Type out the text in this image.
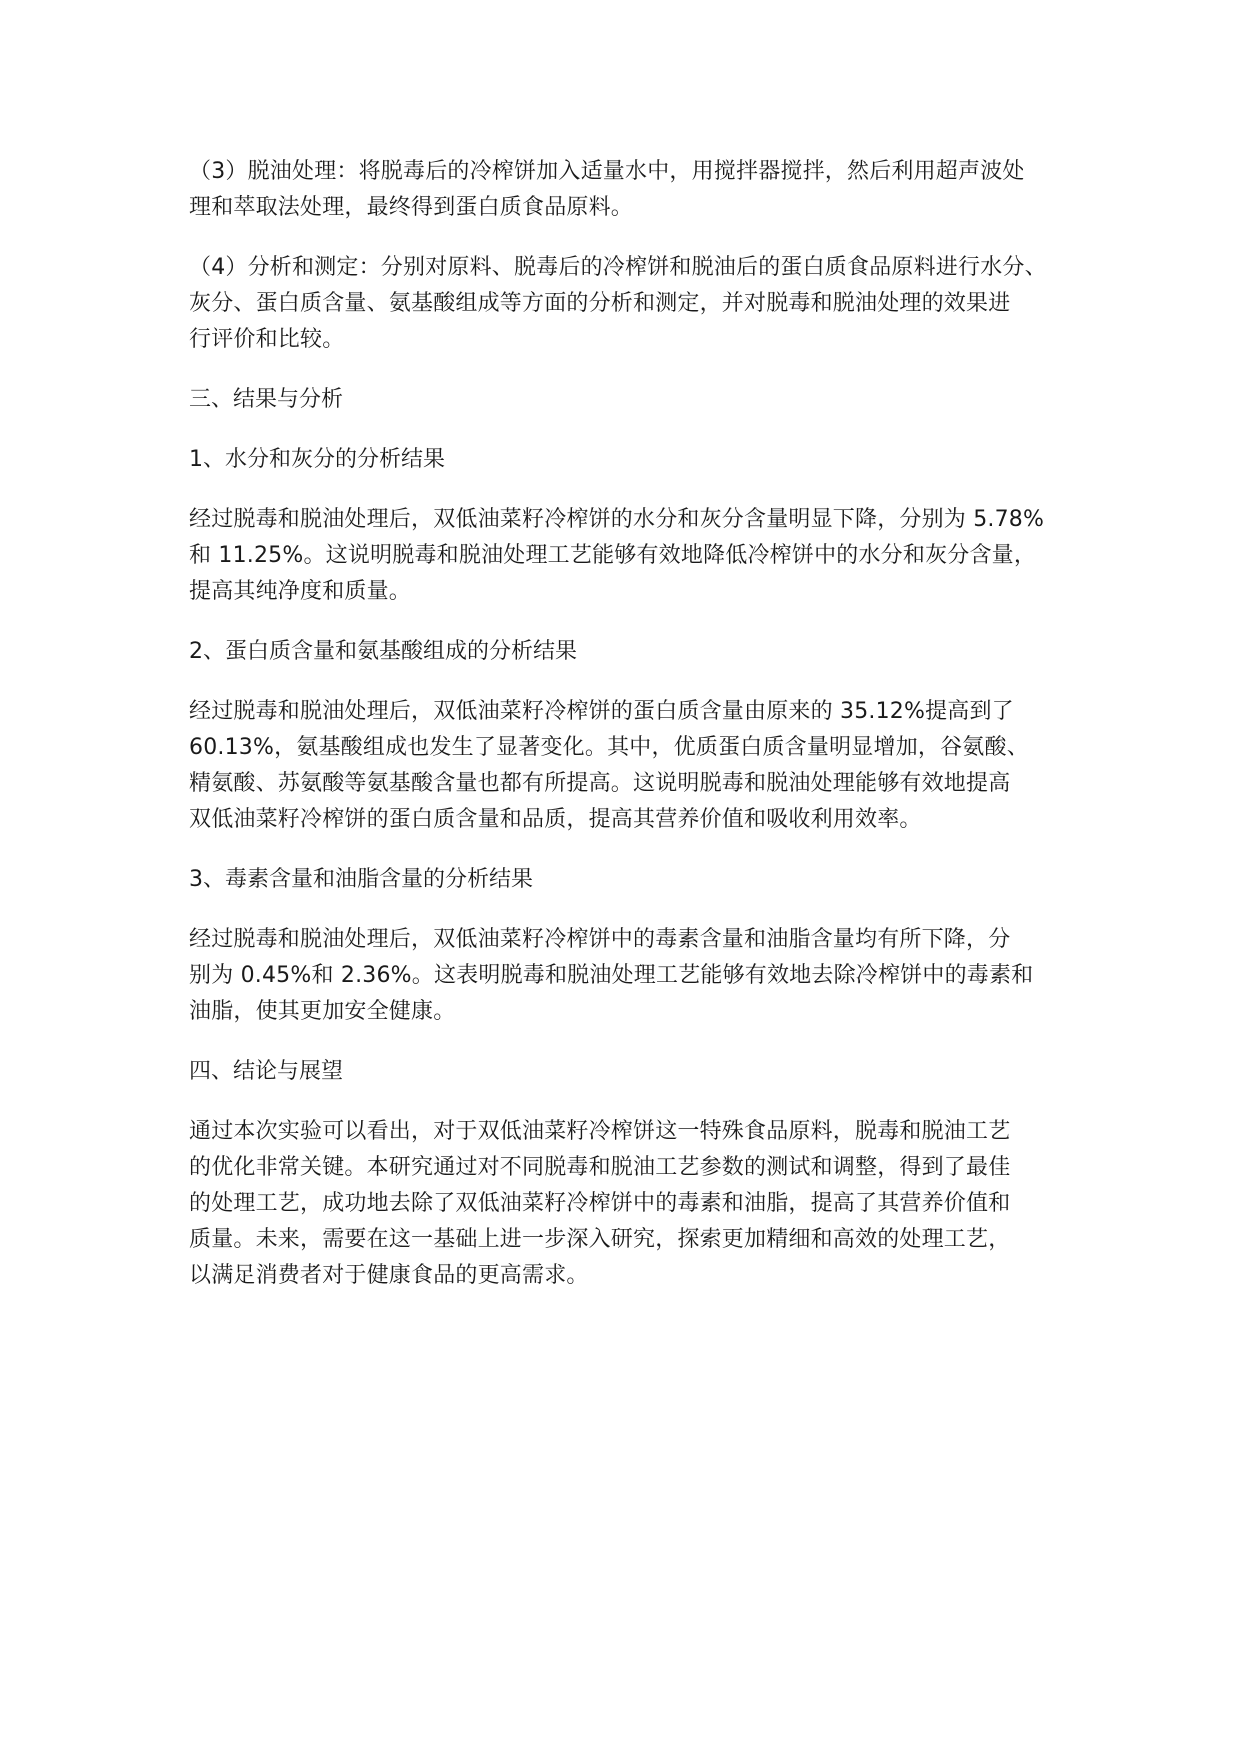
（3）脱油处理：将脱毒后的冷榨饼加入适量水中，用搅拌器搅拌，然后利用超声波处
理和萃取法处理，最终得到蛋白质食品原料。

（4）分析和测定：分别对原料、脱毒后的冷榨饼和脱油后的蛋白质食品原料进行水分、
灰分、蛋白质含量、氨基酸组成等方面的分析和测定，并对脱毒和脱油处理的效果进
行评价和比较。

三、结果与分析
1、水分和灰分的分析结果

经过脱毒和脱油处理后，双低油菜籽冷榨饼的水分和灰分含量明显下降，分别为 5.78%
和 11.25%。这说明脱毒和脱油处理工艺能够有效地降低冷榨饼中的水分和灰分含量，
提高其纯净度和质量。

2、蛋白质含量和氨基酸组成的分析结果

经过脱毒和脱油处理后，双低油菜籽冷榨饼的蛋白质含量由原来的 35.12%提高到了
60.13%，氨基酸组成也发生了显著变化。其中，优质蛋白质含量明显增加，谷氨酸、
精氨酸、苏氨酸等氨基酸含量也都有所提高。这说明脱毒和脱油处理能够有效地提高
双低油菜籽冷榨饼的蛋白质含量和品质，提高其营养价值和吸收利用效率。

3、毒素含量和油脂含量的分析结果

经过脱毒和脱油处理后，双低油菜籽冷榨饼中的毒素含量和油脂含量均有所下降，分
别为 0.45%和 2.36%。这表明脱毒和脱油处理工艺能够有效地去除冷榨饼中的毒素和
油脂，使其更加安全健康。

四、结论与展望

通过本次实验可以看出，对于双低油菜籽冷榨饼这一特殊食品原料，脱毒和脱油工艺
的优化非常关键。本研究通过对不同脱毒和脱油工艺参数的测试和调整，得到了最佳
的处理工艺，成功地去除了双低油菜籽冷榨饼中的毒素和油脂，提高了其营养价值和
质量。未来，需要在这一基础上进一步深入研究，探索更加精细和高效的处理工艺，
以满足消费者对于健康食品的更高需求。
